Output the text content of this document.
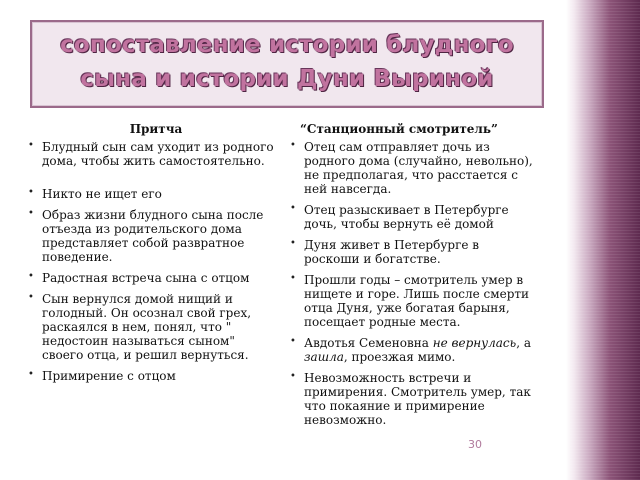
сопоставление истории блудного сына и истории Дуни Выриной
Притча
• Блудный сын сам уходит из родного дома, чтобы жить самостоятельно.
• Никто не ищет его
• Образ жизни блудного сына после отъезда из родительского дома представляет собой развратное поведение.
• Радостная встреча сына с отцом
• Сын вернулся домой нищий и голодный. Он осознал свой грех, раскаялся в нем, понял, что " недостоин называться сыном" своего отца, и решил вернуться.
• Примирение с отцом
“Станционный смотритель”
• Отец сам отправляет дочь из родного дома (случайно, невольно), не предполагая, что расстается с ней навсегда.
• Отец разыскивает в Петербурге дочь, чтобы вернуть её домой
• Дуня живет в Петербурге в роскоши и богатстве.
• Прошли годы – смотритель умер в нищете и горе. Лишь после смерти отца Дуня, уже богатая барыня, посещает родные места.
• Авдотья Семеновна не вернулась, а зашла, проезжая мимо.
• Невозможность встречи и примирения. Смотритель умер, так что покаяние и примирение невозможно.
30
